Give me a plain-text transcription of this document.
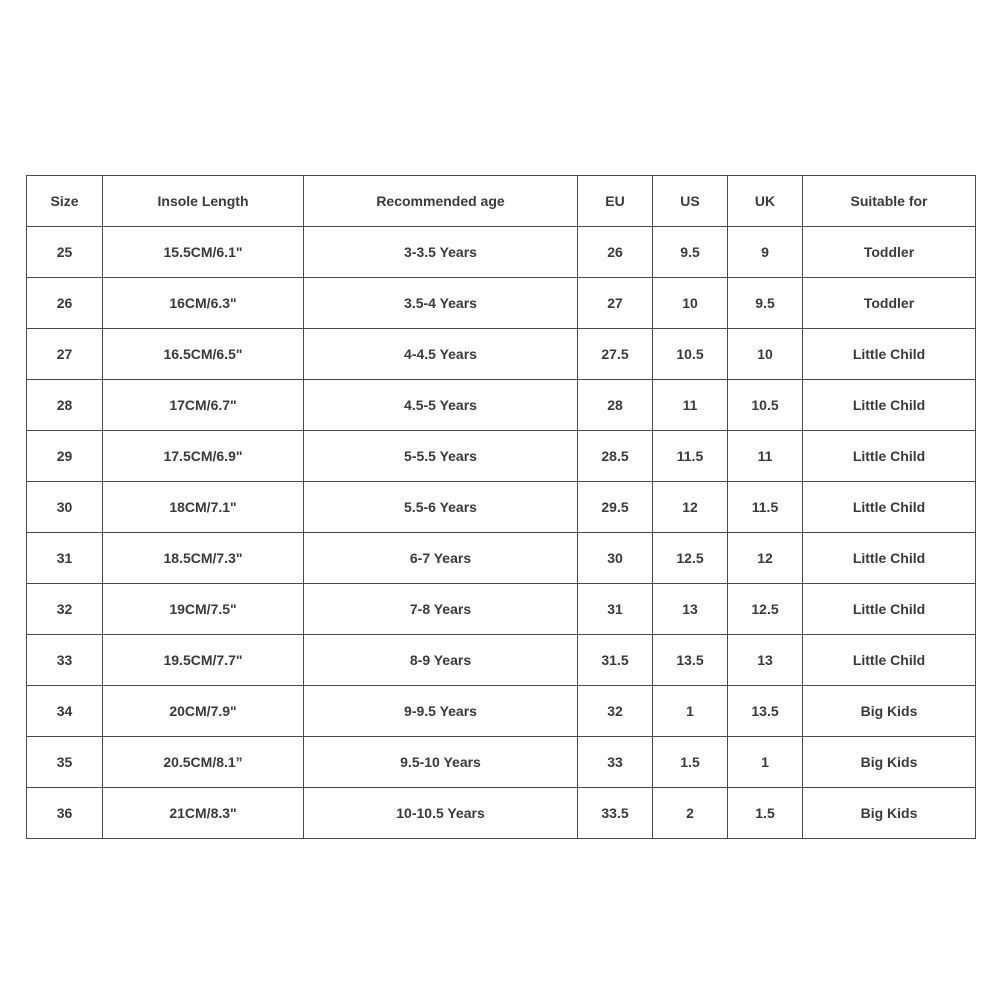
Size	Insole Length	Recommended age	EU	US	UK	Suitable for
25	15.5CM/6.1"	3-3.5 Years	26	9.5	9	Toddler
26	16CM/6.3"	3.5-4 Years	27	10	9.5	Toddler
27	16.5CM/6.5"	4-4.5 Years	27.5	10.5	10	Little Child
28	17CM/6.7"	4.5-5 Years	28	11	10.5	Little Child
29	17.5CM/6.9"	5-5.5 Years	28.5	11.5	11	Little Child
30	18CM/7.1"	5.5-6 Years	29.5	12	11.5	Little Child
31	18.5CM/7.3"	6-7 Years	30	12.5	12	Little Child
32	19CM/7.5"	7-8 Years	31	13	12.5	Little Child
33	19.5CM/7.7"	8-9 Years	31.5	13.5	13	Little Child
34	20CM/7.9"	9-9.5 Years	32	1	13.5	Big Kids
35	20.5CM/8.1”	9.5-10 Years	33	1.5	1	Big Kids
36	21CM/8.3"	10-10.5 Years	33.5	2	1.5	Big Kids
